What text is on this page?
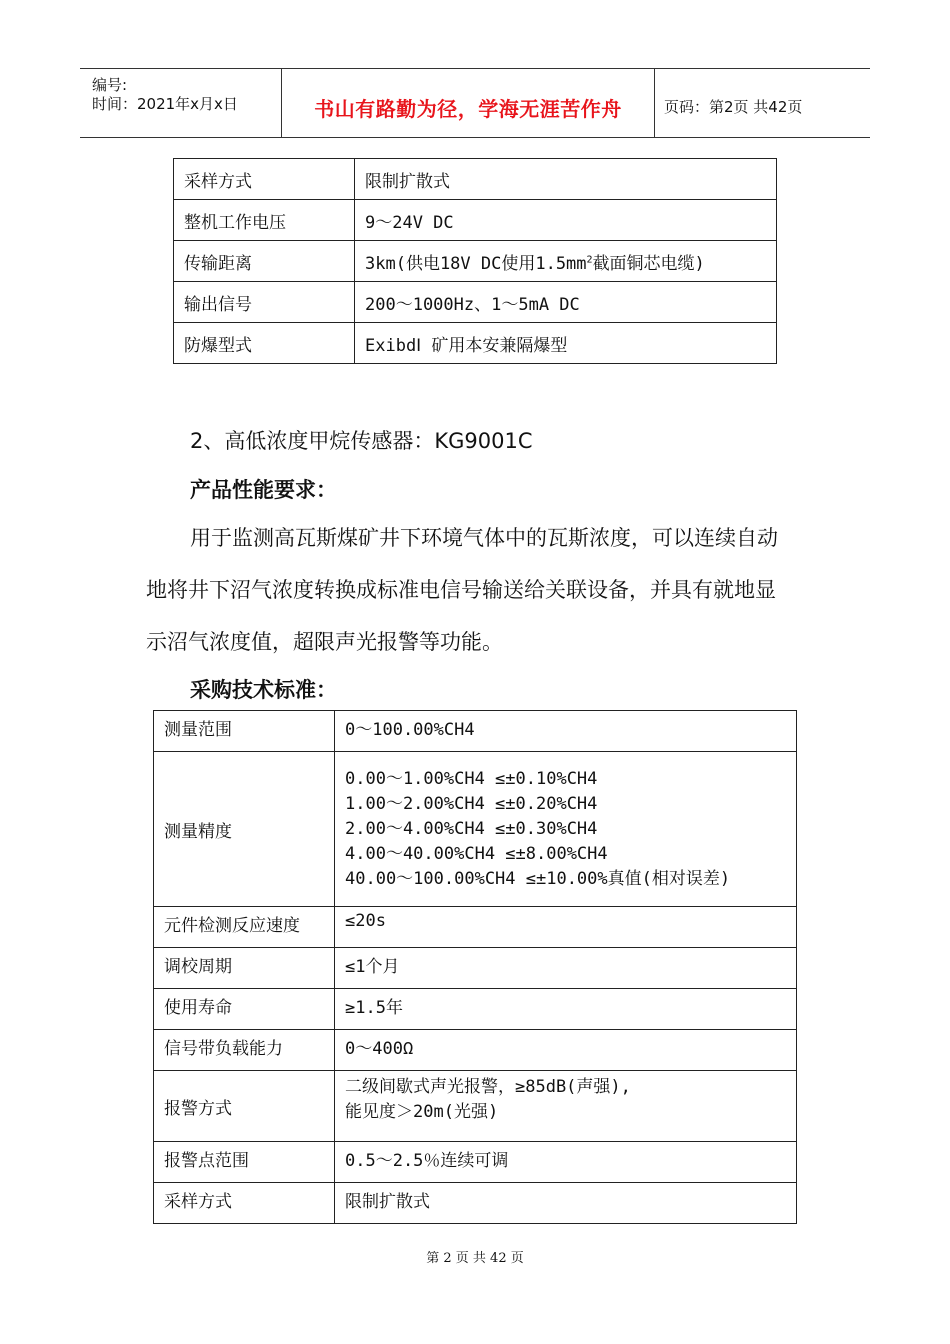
编号:
时间：2021年x月x日	书山有路勤为径，学海无涯苦作舟	页码：第2页 共42页
采样方式	限制扩散式
整机工作电压	9～24V DC
传输距离	3km(供电18V DC使用$1.5mm^2$截面铜芯电缆)
输出信号	200～1000Hz、1～5mA DC
防爆型式	ExibdⅠ 矿用本安兼隔爆型
2、高低浓度甲烷传感器：KG9001C
产品性能要求：
用于监测高瓦斯煤矿井下环境气体中的瓦斯浓度，可以连续自动地将井下沼气浓度转换成标准电信号输送给关联设备，并具有就地显示沼气浓度值，超限声光报警等功能。
采购技术标准：
测量范围	0～100.00%CH4
测量精度	0.00～1.00%CH4 ≤±0.10%CH4
1.00～2.00%CH4 ≤±0.20%CH4
2.00～4.00%CH4 ≤±0.30%CH4
4.00～40.00%CH4 ≤±8.00%CH4
40.00～100.00%CH4 ≤±10.00%真值(相对误差)

元件检测反应速度	≤20s
调校周期	≤1个月
使用寿命	≥1.5年
信号带负载能力	0～400Ω
报警方式	二级间歇式声光报警，≥85dB(声强),
能见度＞20m(光强)

报警点范围	0.5～2.5％连续可调
采样方式	限制扩散式
第 2 页 共 42 页
